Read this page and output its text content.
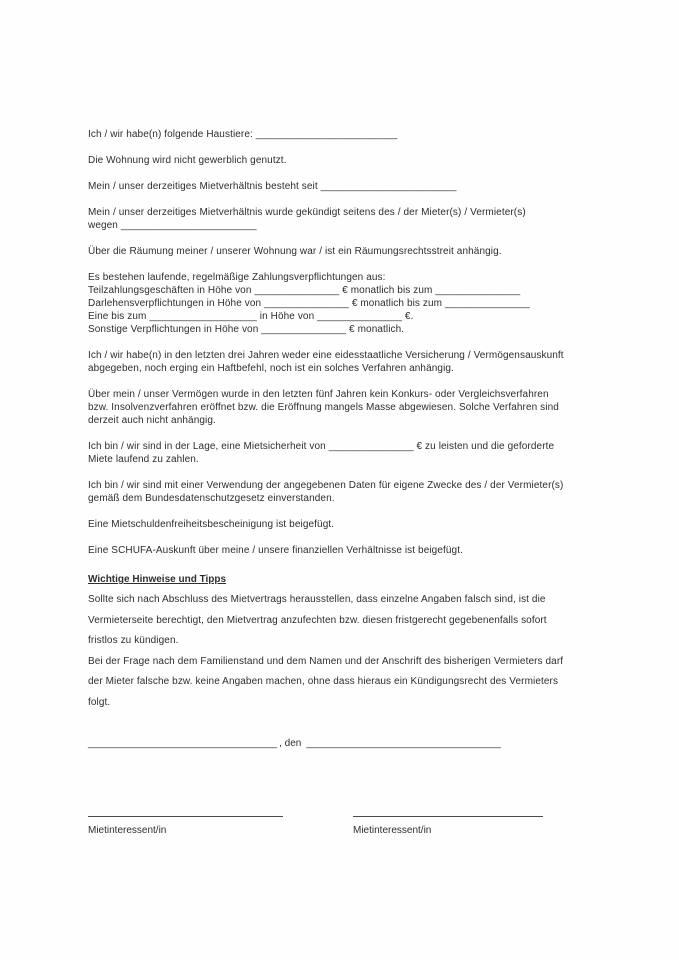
Ich / wir habe(n) folgende Haustiere: _________________________
Die Wohnung wird nicht gewerblich genutzt.
Mein / unser derzeitiges Mietverhältnis besteht seit ________________________
Mein / unser derzeitiges Mietverhältnis wurde gekündigt seitens des / der Mieter(s) / Vermieter(s)
wegen ________________________
Über die Räumung meiner / unserer Wohnung war / ist ein Räumungsrechtsstreit anhängig.
Es bestehen laufende, regelmäßige Zahlungsverpflichtungen aus:
Teilzahlungsgeschäften in Höhe von _______________ € monatlich bis zum _______________
Darlehensverpflichtungen in Höhe von _______________ € monatlich bis zum _______________
Eine bis zum ___________________ in Höhe von _______________ €.
Sonstige Verpflichtungen in Höhe von _______________ € monatlich.
Ich / wir habe(n) in den letzten drei Jahren weder eine eidesstaatliche Versicherung / Vermögensauskunft
abgegeben, noch erging ein Haftbefehl, noch ist ein solches Verfahren anhängig.
Über mein / unser Vermögen wurde in den letzten fünf Jahren kein Konkurs- oder Vergleichsverfahren
bzw. Insolvenzverfahren eröffnet bzw. die Eröffnung mangels Masse abgewiesen. Solche Verfahren sind
derzeit auch nicht anhängig.
Ich bin / wir sind in der Lage, eine Mietsicherheit von _______________ € zu leisten und die geforderte
Miete laufend zu zahlen.
Ich bin / wir sind mit einer Verwendung der angegebenen Daten für eigene Zwecke des / der Vermieter(s)
gemäß dem Bundesdatenschutzgesetz einverstanden.
Eine Mietschuldenfreiheitsbescheinigung ist beigefügt.
Eine SCHUFA-Auskunft über meine / unsere finanziellen Verhältnisse ist beigefügt.
Wichtige Hinweise und Tipps
Sollte sich nach Abschluss des Mietvertrags herausstellen, dass einzelne Angaben falsch sind, ist die
Vermieterseite berechtigt, den Mietvertrag anzufechten bzw. diesen fristgerecht gegebenenfalls sofort
fristlos zu kündigen.
Bei der Frage nach dem Familienstand und dem Namen und der Anschrift des bisherigen Vermieters darf
der Mieter falsche bzw. keine Angaben machen, ohne dass hieraus ein Kündigungsrecht des Vermieters
folgt.
__________________________________ , den ___________________________________
Mietinteressent/in	Mietinteressent/in
